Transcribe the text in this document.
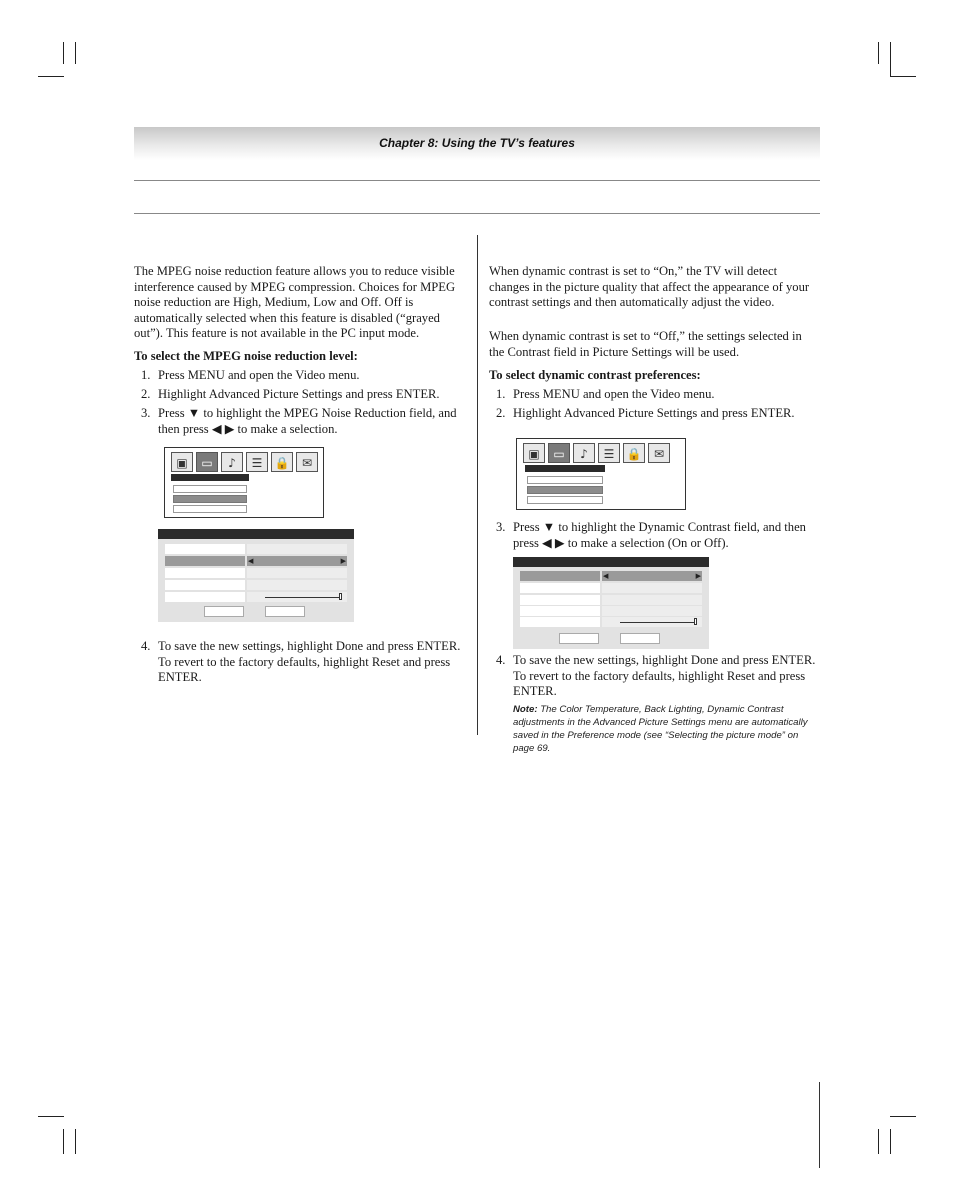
Chapter 8: Using the TV’s features

The MPEG noise reduction feature allows you to reduce visible interference caused by MPEG compression. Choices for MPEG noise reduction are High, Medium, Low and Off. Off is automatically selected when this feature is disabled (“grayed out”). This feature is not available in the PC input mode.

To select the MPEG noise reduction level:

1. Press MENU and open the Video menu.
2. Highlight Advanced Picture Settings and press ENTER.
3. Press ▼ to highlight the MPEG Noise Reduction field, and then press ◀ ▶ to make a selection.
▣	▭	♪	☰	🔒	✉
◀	▶
4. To save the new settings, highlight Done and press ENTER. To revert to the factory defaults, highlight Reset and press ENTER.

When dynamic contrast is set to “On,” the TV will detect changes in the picture quality that affect the appearance of your contrast settings and then automatically adjust the video.

When dynamic contrast is set to “Off,” the settings selected in the Contrast field in Picture Settings will be used.

To select dynamic contrast preferences:

1. Press MENU and open the Video menu.
2. Highlight Advanced Picture Settings and press ENTER.
▣	▭	♪	☰	🔒	✉
3. Press ▼ to highlight the Dynamic Contrast field, and then press ◀ ▶ to make a selection (On or Off).
◀	▶
4. To save the new settings, highlight Done and press ENTER. To revert to the factory defaults, highlight Reset and press ENTER.

Note: The Color Temperature, Back Lighting, Dynamic Contrast adjustments in the Advanced Picture Settings menu are automatically saved in the Preference mode (see “Selecting the picture mode” on page 69.
